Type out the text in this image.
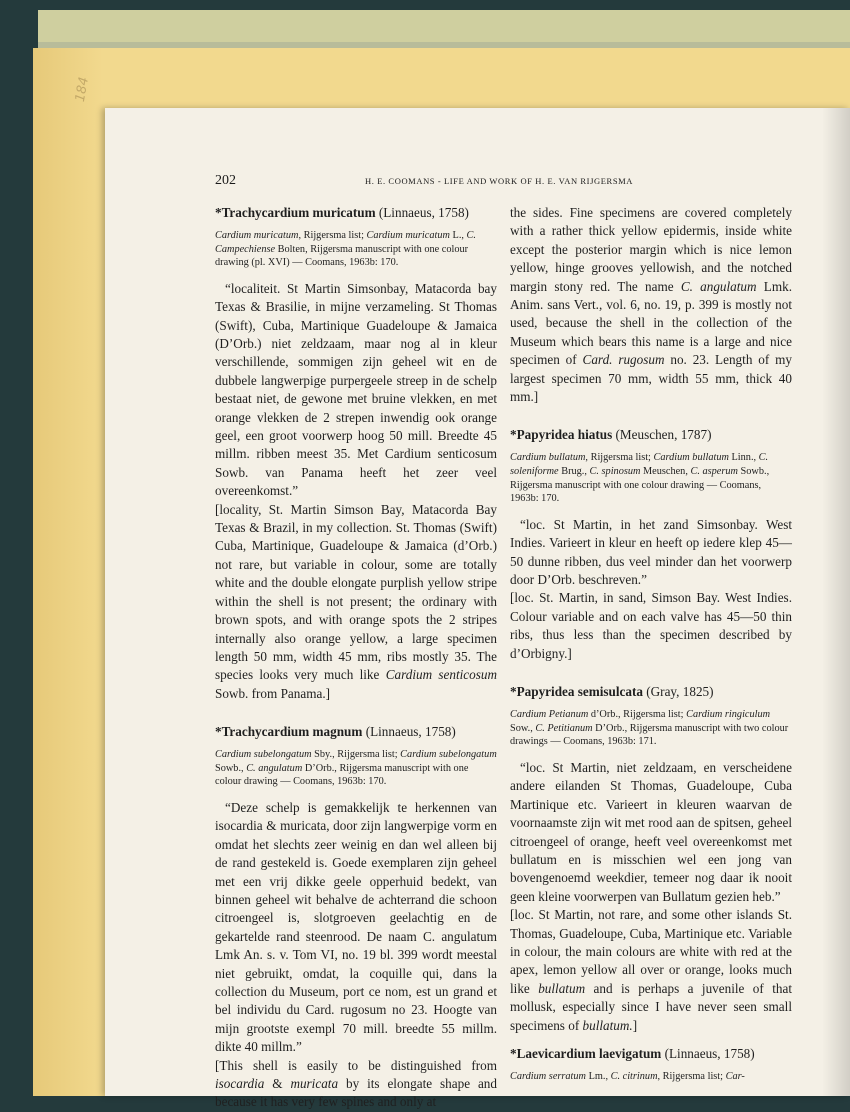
184
202	H. E. COOMANS - LIFE AND WORK OF H. E. VAN RIJGERSMA

*Trachycardium muricatum (Linnaeus, 1758)

Cardium muricatum, Rijgersma list; Cardium muricatum L., C. Campechiense Bolten, Rijgersma manuscript with one colour drawing (pl. XVI) — Coomans, 1963b: 170.

“localiteit. St Martin Simsonbay, Matacorda bay Texas & Brasilie, in mijne verzameling. St Thomas (Swift), Cuba, Martinique Guadeloupe & Jamaica (D’Orb.) niet zeldzaam, maar nog al in kleur verschillende, sommigen zijn geheel wit en de dubbele langwerpige purpergeele streep in de schelp bestaat niet, de gewone met bruine vlekken, en met orange vlekken de 2 strepen inwendig ook orange geel, een groot voorwerp hoog 50 mill. Breedte 45 millm. ribben meest 35. Met Cardium senticosum Sowb. van Panama heeft het zeer veel overeenkomst.”

[locality, St. Martin Simson Bay, Matacorda Bay Texas & Brazil, in my collection. St. Thomas (Swift) Cuba, Martinique, Guadeloupe & Jamaica (d’Orb.) not rare, but variable in colour, some are totally white and the double elongate purplish yellow stripe within the shell is not present; the ordinary with brown spots, and with orange spots the 2 stripes internally also orange yellow, a large specimen length 50 mm, width 45 mm, ribs mostly 35. The species looks very much like Cardium senticosum Sowb. from Panama.]

*Trachycardium magnum (Linnaeus, 1758)

Cardium subelongatum Sby., Rijgersma list; Cardium subelongatum Sowb., C. angulatum D’Orb., Rijgersma manuscript with one colour drawing — Coomans, 1963b: 170.

“Deze schelp is gemakkelijk te herkennen van isocardia & muricata, door zijn langwerpige vorm en omdat het slechts zeer weinig en dan wel alleen bij de rand gestekeld is. Goede exemplaren zijn geheel met een vrij dikke geele opperhuid bedekt, van binnen geheel wit behalve de achterrand die schoon citroengeel is, slotgroeven geelachtig en de gekartelde rand steenrood. De naam C. angulatum Lmk An. s. v. Tom VI, no. 19 bl. 399 wordt meestal niet gebruikt, omdat, la coquille qui, dans la collection du Museum, port ce nom, est un grand et bel individu du Card. rugosum no 23. Hoogte van mijn grootste exempl 70 mill. breedte 55 millm. dikte 40 millm.”

[This shell is easily to be distinguished from isocardia & muricata by its elongate shape and because it has very few spines and only at

the sides. Fine specimens are covered completely with a rather thick yellow epidermis, inside white except the posterior margin which is nice lemon yellow, hinge grooves yellowish, and the notched margin stony red. The name C. angulatum Lmk. Anim. sans Vert., vol. 6, no. 19, p. 399 is mostly not used, because the shell in the collection of the Museum which bears this name is a large and nice specimen of Card. rugosum no. 23. Length of my largest specimen 70 mm, width 55 mm, thick 40 mm.]

*Papyridea hiatus (Meuschen, 1787)

Cardium bullatum, Rijgersma list; Cardium bullatum Linn., C. soleniforme Brug., C. spinosum Meuschen, C. asperum Sowb., Rijgersma manuscript with one colour drawing — Coomans, 1963b: 170.

“loc. St Martin, in het zand Simsonbay. West Indies. Varieert in kleur en heeft op iedere klep 45—50 dunne ribben, dus veel minder dan het voorwerp door D’Orb. beschreven.”

[loc. St. Martin, in sand, Simson Bay. West Indies. Colour variable and on each valve has 45—50 thin ribs, thus less than the specimen described by d’Orbigny.]

*Papyridea semisulcata (Gray, 1825)

Cardium Petianum d’Orb., Rijgersma list; Cardium ringiculum Sow., C. Petitianum D’Orb., Rijgersma manuscript with two colour drawings — Coomans, 1963b: 171.

“loc. St Martin, niet zeldzaam, en verscheidene andere eilanden St Thomas, Guadeloupe, Cuba Martinique etc. Varieert in kleuren waarvan de voornaamste zijn wit met rood aan de spitsen, geheel citroengeel of orange, heeft veel overeenkomst met bullatum en is misschien wel een jong van bovengenoemd weekdier, temeer nog daar ik nooit geen kleine voorwerpen van Bullatum gezien heb.”

[loc. St Martin, not rare, and some other islands St. Thomas, Guadeloupe, Cuba, Martinique etc. Variable in colour, the main colours are white with red at the apex, lemon yellow all over or orange, looks much like bullatum and is perhaps a juvenile of that mollusk, especially since I have never seen small specimens of bullatum.]

*Laevicardium laevigatum (Linnaeus, 1758)

Cardium serratum Lm., C. citrinum, Rijgersma list; Car-
